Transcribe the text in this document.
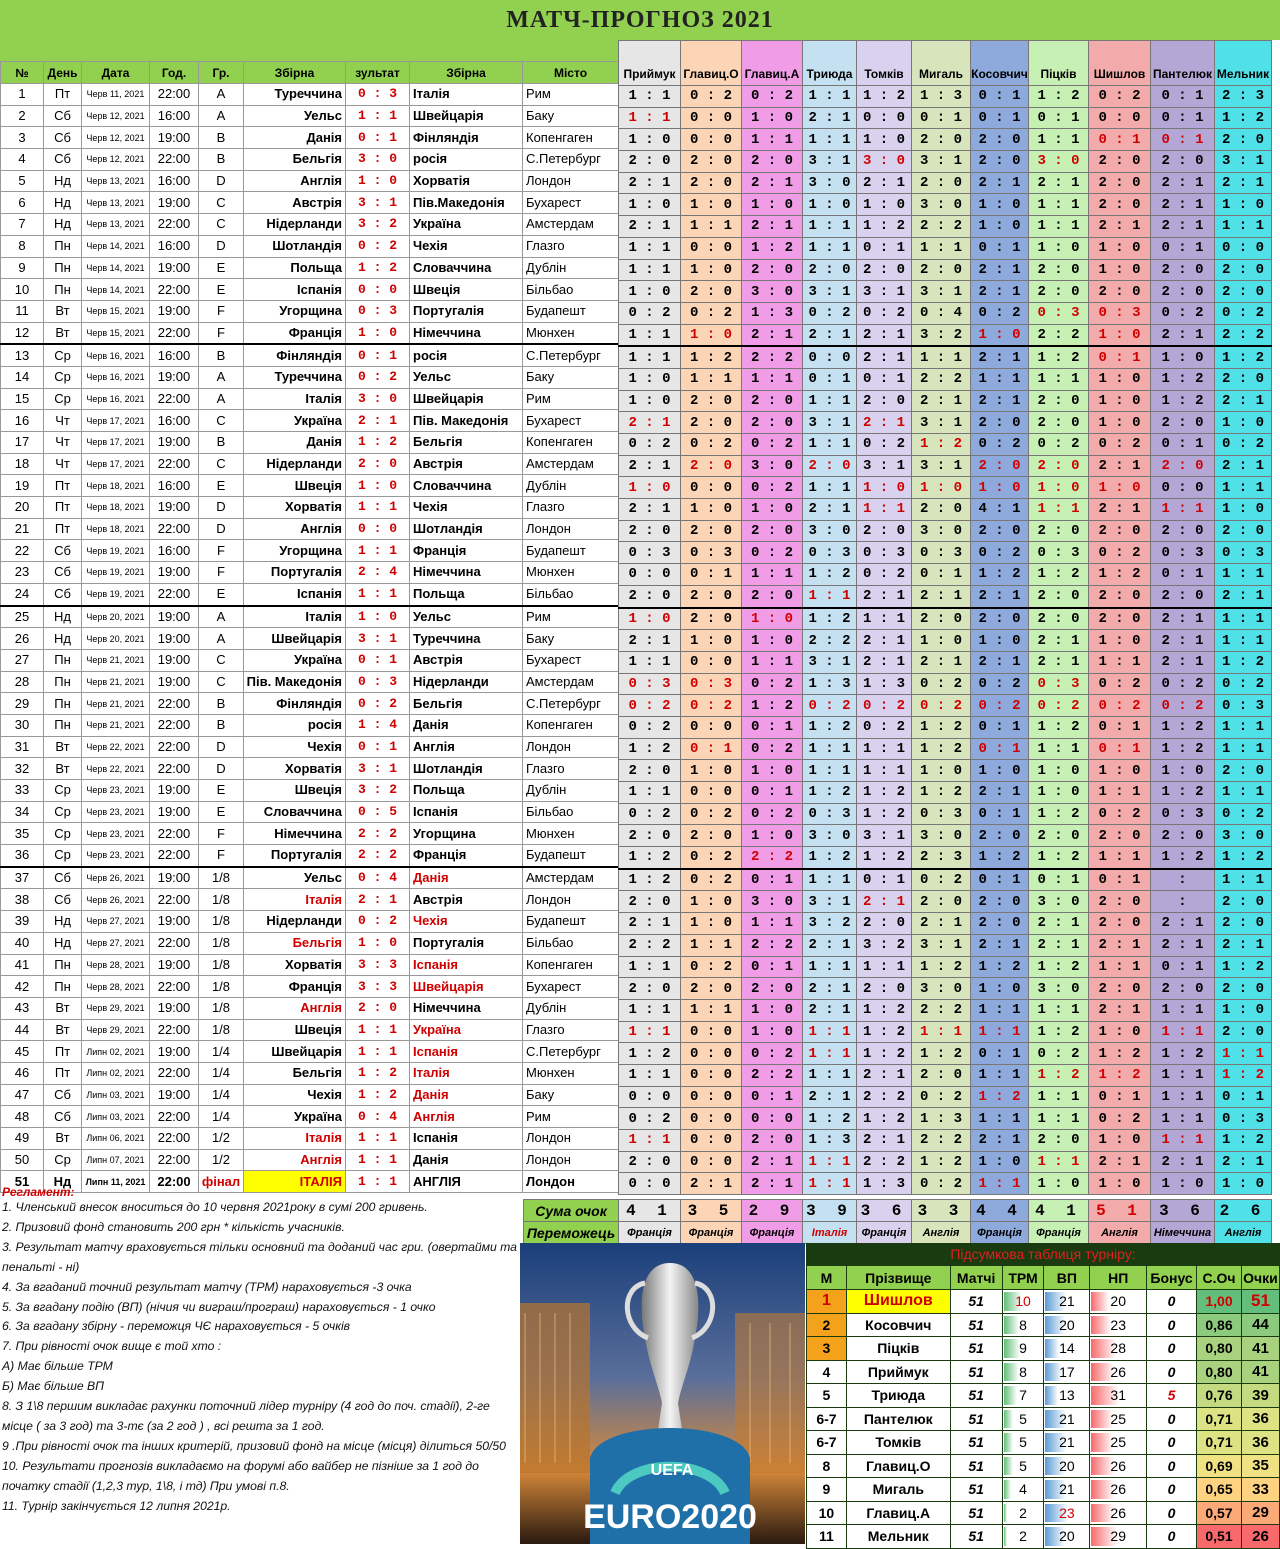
МАТЧ-ПРОГНОЗ 2021
№	День	Дата	Год.	Гр.	Збірна	зультат	Збірна	Місто
1	Пт	Черв 11, 2021	22:00	A	Туреччина	0 : 3	Італія	Рим
2	Сб	Черв 12, 2021	16:00	A	Уельс	1 : 1	Швейцарія	Баку
3	Сб	Черв 12, 2021	19:00	B	Данія	0 : 1	Фінляндія	Копенгаген
4	Сб	Черв 12, 2021	22:00	B	Бельгія	3 : 0	росія	С.Петербург
5	Нд	Черв 13, 2021	16:00	D	Англія	1 : 0	Хорватія	Лондон
6	Нд	Черв 13, 2021	19:00	C	Австрія	3 : 1	Пів.Македонія	Бухарест
7	Нд	Черв 13, 2021	22:00	C	Нідерланди	3 : 2	Україна	Амстердам
8	Пн	Черв 14, 2021	16:00	D	Шотландія	0 : 2	Чехія	Глазго
9	Пн	Черв 14, 2021	19:00	E	Польща	1 : 2	Словаччина	Дублін
10	Пн	Черв 14, 2021	22:00	E	Іспанія	0 : 0	Швеція	Більбао
11	Вт	Черв 15, 2021	19:00	F	Угорщина	0 : 3	Португалія	Будапешт
12	Вт	Черв 15, 2021	22:00	F	Франція	1 : 0	Німеччина	Мюнхен
13	Ср	Черв 16, 2021	16:00	B	Фінляндія	0 : 1	росія	С.Петербург
14	Ср	Черв 16, 2021	19:00	A	Туреччина	0 : 2	Уельс	Баку
15	Ср	Черв 16, 2021	22:00	A	Італія	3 : 0	Швейцарія	Рим
16	Чт	Черв 17, 2021	16:00	C	Україна	2 : 1	Пів. Македонія	Бухарест
17	Чт	Черв 17, 2021	19:00	B	Данія	1 : 2	Бельгія	Копенгаген
18	Чт	Черв 17, 2021	22:00	C	Нідерланди	2 : 0	Австрія	Амстердам
19	Пт	Черв 18, 2021	16:00	E	Швеція	1 : 0	Словаччина	Дублін
20	Пт	Черв 18, 2021	19:00	D	Хорватія	1 : 1	Чехія	Глазго
21	Пт	Черв 18, 2021	22:00	D	Англія	0 : 0	Шотландія	Лондон
22	Сб	Черв 19, 2021	16:00	F	Угорщина	1 : 1	Франція	Будапешт
23	Сб	Черв 19, 2021	19:00	F	Португалія	2 : 4	Німеччина	Мюнхен
24	Сб	Черв 19, 2021	22:00	E	Іспанія	1 : 1	Польща	Більбао
25	Нд	Черв 20, 2021	19:00	A	Італія	1 : 0	Уельс	Рим
26	Нд	Черв 20, 2021	19:00	A	Швейцарія	3 : 1	Туреччина	Баку
27	Пн	Черв 21, 2021	19:00	C	Україна	0 : 1	Австрія	Бухарест
28	Пн	Черв 21, 2021	19:00	C	Пів. Македонія	0 : 3	Нідерланди	Амстердам
29	Пн	Черв 21, 2021	22:00	B	Фінляндія	0 : 2	Бельгія	С.Петербург
30	Пн	Черв 21, 2021	22:00	B	росія	1 : 4	Данія	Копенгаген
31	Вт	Черв 22, 2021	22:00	D	Чехія	0 : 1	Англія	Лондон
32	Вт	Черв 22, 2021	22:00	D	Хорватія	3 : 1	Шотландія	Глазго
33	Ср	Черв 23, 2021	19:00	E	Швеція	3 : 2	Польща	Дублін
34	Ср	Черв 23, 2021	19:00	E	Словаччина	0 : 5	Іспанія	Більбао
35	Ср	Черв 23, 2021	22:00	F	Німеччина	2 : 2	Угорщина	Мюнхен
36	Ср	Черв 23, 2021	22:00	F	Португалія	2 : 2	Франція	Будапешт
37	Сб	Черв 26, 2021	19:00	1/8	Уельс	0 : 4	Данія	Амстердам
38	Сб	Черв 26, 2021	22:00	1/8	Італія	2 : 1	Австрія	Лондон
39	Нд	Черв 27, 2021	19:00	1/8	Нідерланди	0 : 2	Чехія	Будапешт
40	Нд	Черв 27, 2021	22:00	1/8	Бельгія	1 : 0	Португалія	Більбао
41	Пн	Черв 28, 2021	19:00	1/8	Хорватія	3 : 3	Іспанія	Копенгаген
42	Пн	Черв 28, 2021	22:00	1/8	Франція	3 : 3	Швейцарія	Бухарест
43	Вт	Черв 29, 2021	19:00	1/8	Англія	2 : 0	Німеччина	Дублін
44	Вт	Черв 29, 2021	22:00	1/8	Швеція	1 : 1	Україна	Глазго
45	Пт	Липн 02, 2021	19:00	1/4	Швейцарія	1 : 1	Іспанія	С.Петербург
46	Пт	Липн 02, 2021	22:00	1/4	Бельгія	1 : 2	Італія	Мюнхен
47	Сб	Липн 03, 2021	19:00	1/4	Чехія	1 : 2	Данія	Баку
48	Сб	Липн 03, 2021	22:00	1/4	Україна	0 : 4	Англія	Рим
49	Вт	Липн 06, 2021	22:00	1/2	Італія	1 : 1	Іспанія	Лондон
50	Ср	Липн 07, 2021	22:00	1/2	Англія	1 : 1	Данія	Лондон
51	Нд	Липн 11, 2021	22:00	фінал	ІТАЛІЯ	1 : 1	АНГЛІЯ	Лондон
Приймук	Главиц.О	Главиц.А	Триюда	Томків	Мигаль	Косовчич	Піцків	Шишлов	Пантелюк	Мельник
1 : 1	0 : 2	0 : 2	1 : 1	1 : 2	1 : 3	0 : 1	1 : 2	0 : 2	0 : 1	2 : 3
1 : 1	0 : 0	1 : 0	2 : 1	0 : 0	0 : 1	0 : 1	0 : 1	0 : 0	0 : 1	1 : 2
1 : 0	0 : 0	1 : 1	1 : 1	1 : 0	2 : 0	2 : 0	1 : 1	0 : 1	0 : 1	2 : 0
2 : 0	2 : 0	2 : 0	3 : 1	3 : 0	3 : 1	2 : 0	3 : 0	2 : 0	2 : 0	3 : 1
2 : 1	2 : 0	2 : 1	3 : 0	2 : 1	2 : 0	2 : 1	2 : 1	2 : 0	2 : 1	2 : 1
1 : 0	1 : 0	1 : 0	1 : 0	1 : 0	3 : 0	1 : 0	1 : 1	2 : 0	2 : 1	1 : 0
2 : 1	1 : 1	2 : 1	1 : 1	1 : 2	2 : 2	1 : 0	1 : 1	2 : 1	2 : 1	1 : 1
1 : 1	0 : 0	1 : 2	1 : 1	0 : 1	1 : 1	0 : 1	1 : 0	1 : 0	0 : 1	0 : 0
1 : 1	1 : 0	2 : 0	2 : 0	2 : 0	2 : 0	2 : 1	2 : 0	1 : 0	2 : 0	2 : 0
1 : 0	2 : 0	3 : 0	3 : 1	3 : 1	3 : 1	2 : 1	2 : 0	2 : 0	2 : 0	2 : 0
0 : 2	0 : 2	1 : 3	0 : 2	0 : 2	0 : 4	0 : 2	0 : 3	0 : 3	0 : 2	0 : 2
1 : 1	1 : 0	2 : 1	2 : 1	2 : 1	3 : 2	1 : 0	2 : 2	1 : 0	2 : 1	2 : 2
1 : 1	1 : 2	2 : 2	0 : 0	2 : 1	1 : 1	2 : 1	1 : 2	0 : 1	1 : 0	1 : 2
1 : 0	1 : 1	1 : 1	0 : 1	0 : 1	2 : 2	1 : 1	1 : 1	1 : 0	1 : 2	2 : 0
1 : 0	2 : 0	2 : 0	1 : 1	2 : 0	2 : 1	2 : 1	2 : 0	1 : 0	1 : 2	2 : 1
2 : 1	2 : 0	2 : 0	3 : 1	2 : 1	3 : 1	2 : 0	2 : 0	1 : 0	2 : 0	1 : 0
0 : 2	0 : 2	0 : 2	1 : 1	0 : 2	1 : 2	0 : 2	0 : 2	0 : 2	0 : 1	0 : 2
2 : 1	2 : 0	3 : 0	2 : 0	3 : 1	3 : 1	2 : 0	2 : 0	2 : 1	2 : 0	2 : 1
1 : 0	0 : 0	0 : 2	1 : 1	1 : 0	1 : 0	1 : 0	1 : 0	1 : 0	0 : 0	1 : 1
2 : 1	1 : 0	1 : 0	2 : 1	1 : 1	2 : 0	4 : 1	1 : 1	2 : 1	1 : 1	1 : 0
2 : 0	2 : 0	2 : 0	3 : 0	2 : 0	3 : 0	2 : 0	2 : 0	2 : 0	2 : 0	2 : 0
0 : 3	0 : 3	0 : 2	0 : 3	0 : 3	0 : 3	0 : 2	0 : 3	0 : 2	0 : 3	0 : 3
0 : 0	0 : 1	1 : 1	1 : 2	0 : 2	0 : 1	1 : 2	1 : 2	1 : 2	0 : 1	1 : 1
2 : 0	2 : 0	2 : 0	1 : 1	2 : 1	2 : 1	2 : 1	2 : 0	2 : 0	2 : 0	2 : 1
1 : 0	2 : 0	1 : 0	1 : 2	1 : 1	2 : 0	2 : 0	2 : 0	2 : 0	2 : 1	1 : 1
2 : 1	1 : 0	1 : 0	2 : 2	2 : 1	1 : 0	1 : 0	2 : 1	1 : 0	2 : 1	1 : 1
1 : 1	0 : 0	1 : 1	3 : 1	2 : 1	2 : 1	2 : 1	2 : 1	1 : 1	2 : 1	1 : 2
0 : 3	0 : 3	0 : 2	1 : 3	1 : 3	0 : 2	0 : 2	0 : 3	0 : 2	0 : 2	0 : 2
0 : 2	0 : 2	1 : 2	0 : 2	0 : 2	0 : 2	0 : 2	0 : 2	0 : 2	0 : 2	0 : 3
0 : 2	0 : 0	0 : 1	1 : 2	0 : 2	1 : 2	0 : 1	1 : 2	0 : 1	1 : 2	1 : 1
1 : 2	0 : 1	0 : 2	1 : 1	1 : 1	1 : 2	0 : 1	1 : 1	0 : 1	1 : 2	1 : 1
2 : 0	1 : 0	1 : 0	1 : 1	1 : 1	1 : 0	1 : 0	1 : 0	1 : 0	1 : 0	2 : 0
1 : 1	0 : 0	0 : 1	1 : 2	1 : 2	1 : 2	2 : 1	1 : 0	1 : 1	1 : 2	1 : 1
0 : 2	0 : 2	0 : 2	0 : 3	1 : 2	0 : 3	0 : 1	1 : 2	0 : 2	0 : 3	0 : 2
2 : 0	2 : 0	1 : 0	3 : 0	3 : 1	3 : 0	2 : 0	2 : 0	2 : 0	2 : 0	3 : 0
1 : 2	0 : 2	2 : 2	1 : 2	1 : 2	2 : 3	1 : 2	1 : 2	1 : 1	1 : 2	1 : 2
1 : 2	0 : 2	0 : 1	1 : 1	0 : 1	0 : 2	0 : 1	0 : 1	0 : 1	:	1 : 1
2 : 0	1 : 0	3 : 0	3 : 1	2 : 1	2 : 0	2 : 0	3 : 0	2 : 0	:	2 : 0
2 : 1	1 : 0	1 : 1	3 : 2	2 : 0	2 : 1	2 : 0	2 : 1	2 : 0	2 : 1	2 : 0
2 : 2	1 : 1	2 : 2	2 : 1	3 : 2	3 : 1	2 : 1	2 : 1	2 : 1	2 : 1	2 : 1
1 : 1	0 : 2	0 : 1	1 : 1	1 : 1	1 : 2	1 : 2	1 : 2	1 : 1	0 : 1	1 : 2
2 : 0	2 : 0	2 : 0	2 : 1	2 : 0	3 : 0	1 : 0	3 : 0	2 : 0	2 : 0	2 : 0
1 : 1	1 : 1	1 : 0	2 : 1	1 : 2	2 : 2	1 : 1	1 : 1	2 : 1	1 : 1	1 : 0
1 : 1	0 : 0	1 : 0	1 : 1	1 : 2	1 : 1	1 : 1	1 : 2	1 : 0	1 : 1	2 : 0
1 : 2	0 : 0	0 : 2	1 : 1	1 : 2	1 : 2	0 : 1	0 : 2	1 : 2	1 : 2	1 : 1
1 : 1	0 : 0	2 : 2	1 : 1	2 : 1	2 : 0	1 : 1	1 : 2	1 : 2	1 : 1	1 : 2
0 : 0	0 : 0	0 : 1	2 : 1	2 : 2	0 : 2	1 : 2	1 : 1	0 : 1	1 : 1	0 : 1
0 : 2	0 : 0	0 : 0	1 : 2	1 : 2	1 : 3	1 : 1	1 : 1	0 : 2	1 : 1	0 : 3
1 : 1	0 : 0	2 : 0	1 : 3	2 : 1	2 : 2	2 : 1	2 : 0	1 : 0	1 : 1	1 : 2
2 : 0	0 : 0	2 : 1	1 : 1	2 : 2	1 : 2	1 : 0	1 : 1	2 : 1	2 : 1	2 : 1
0 : 0	2 : 1	2 : 1	1 : 1	1 : 3	0 : 2	1 : 1	1 : 0	1 : 0	1 : 0	1 : 0
Сума очок	4 1	3 5	2 9	3 9	3 6	3 3	4 4	4 1	5 1	3 6	2 6
Переможець	Франція	Франція	Франція	Італія	Франція	Англія	Франція	Франція	Англія	Німеччина	Англія
Регламент:
1. Членський внесок вноситься до 10 червня 2021року в сумі 200 гривень.
2. Призовий фонд становить 200 грн * кількість учасників.
3. Результат матчу враховується тільки основний та доданий час гри. (овертайми та пенальті - ні)
4. За вгаданий точний результат матчу (ТРМ) нараховується -3 очка
5. За вгадану подію (ВП) (нічия чи виграш/програш) нараховується - 1 очко
6. За вгадану збірну - переможця ЧЄ нараховується - 5 очків
7. При рівності очок вище є той хто :
А) Має більше ТРМ
Б) Має більше ВП
8. З 1\8 першим викладає рахунки поточний лідер турніру (4 год до поч. стадії), 2-ге місце ( за 3 год) та 3-тє (за 2 год ) , всі решта за 1 год.
9 .При рівності очок та інших критерій, призовий фонд на місце (місця) ділиться 50/50
10. Результати прогнозів викладаємо на форумі або вайбер не пізніше за 1 год до початку стадії (1,2,3 тур, 1\8, і тд) При умові п.8.
11. Турнір закінчується 12 липня 2021р.
UEFA
EURO2020
Підсумкова таблиця турніру:
М	Прізвище	Матчі	ТРМ	ВП	НП	Бонус	С.Оч	Очки
1	Шишлов	51	10	21	20	0	1,00	51
2	Косовчич	51	8	20	23	0	0,86	44
3	Піцків	51	9	14	28	0	0,80	41
4	Приймук	51	8	17	26	0	0,80	41
5	Триюда	51	7	13	31	5	0,76	39
6-7	Пантелюк	51	5	21	25	0	0,71	36
6-7	Томків	51	5	21	25	0	0,71	36
8	Главиц.О	51	5	20	26	0	0,69	35
9	Мигаль	51	4	21	26	0	0,65	33
10	Главиц.А	51	2	23	26	0	0,57	29
11	Мельник	51	2	20	29	0	0,51	26
